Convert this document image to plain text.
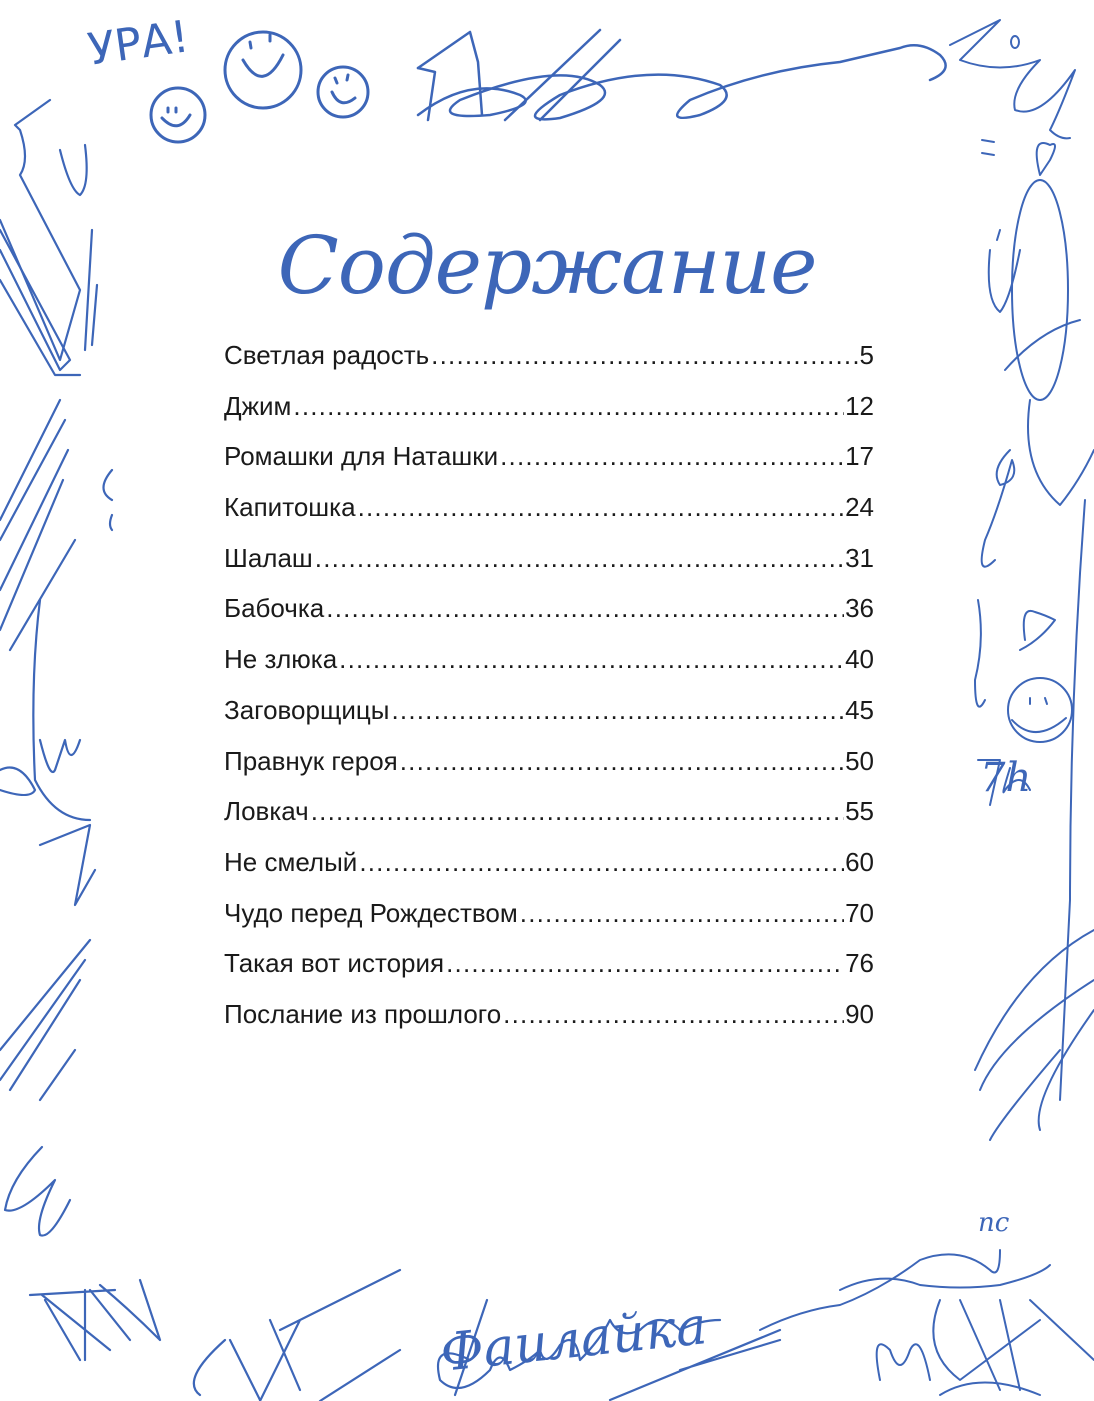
УРА!
Фаилайка
7h
nc
Содержание
Светлая радость .....	5
Джим .....	12
Ромашки для Наташки .....	17
Капитошка .....	24
Шалаш .....	31
Бабочка .....	36
Не злюка .....	40
Заговорщицы .....	45
Правнук героя .....	50
Ловкач .....	55
Не смелый .....	60
Чудо перед Рождеством .....	70
Такая вот история .....	76
Послание из прошлого .....	90
